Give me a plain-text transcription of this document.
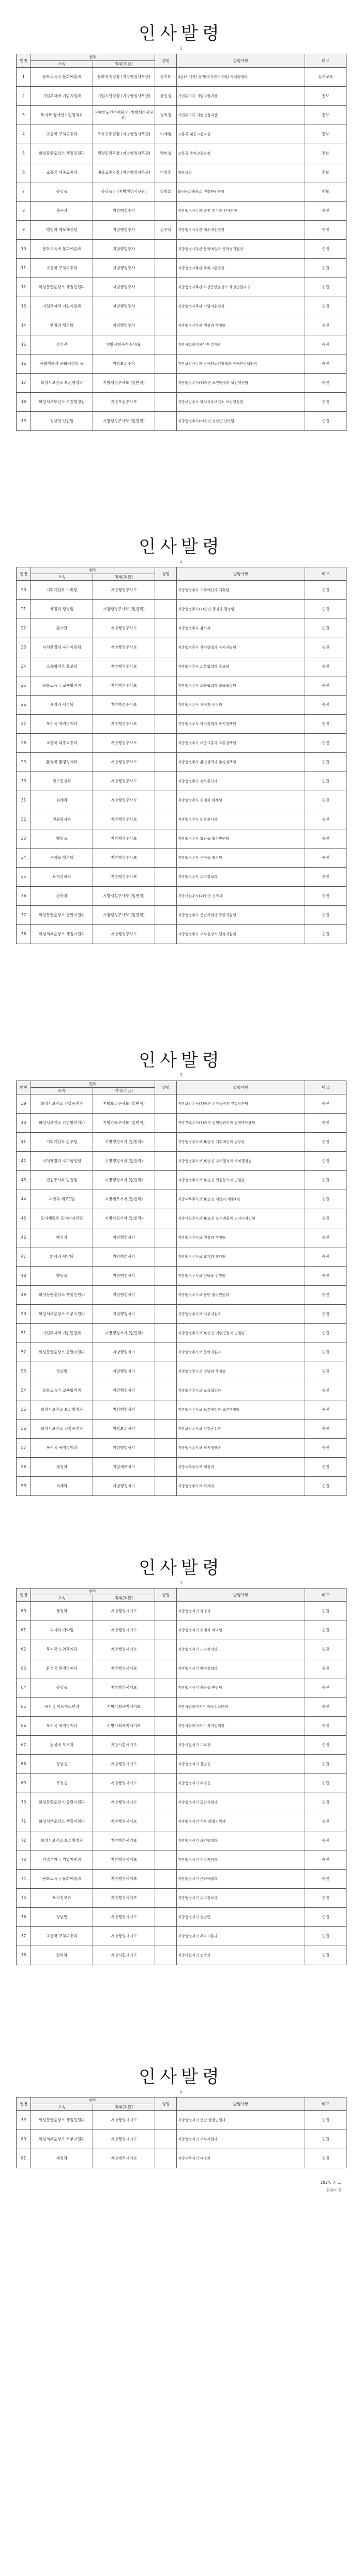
인사발령
1
연번	현직		성명	발령사항	비고
	소속	직위(직급)			
1	문화교육국 문화예술과	문화정책팀장 (지방행정사무관)	송기태	4급(서기관) 승진(조직관리직렬) 자치행정과	장기교육
2	기업투자국 기업지원과	기업지원팀장 (지방행정사무관)	유인섭	기업투자국 기업지원과장	전보
3	복지국 장애인노인정책과	장애인노인정책팀장 (지방행정사무관)	정희정	기업투자국 기업민원과장	전보
4	교통국 주차교통과	주차교통팀장 (지방행정사무관)	이재형	교통국 대중교통과장	전보
5	화성동탄출장소 행정민원과	행정민원과장 (지방행정사무관)	박미성	교통국 주차교통과장	전보
6	교통국 대중교통과	대중교통과장 (지방행정사무관)	이영훈	봉담읍장	전보
7	봉담읍	봉담읍장 (지방행정사무관)	임창호	화성동탄출장소 행정민원과장	전보
8	총무과	지방행정주사		지방행정사무관 승진 총무과 인사팀장	승진
9	행정과 제도개선팀	지방행정주사	김주리	지방행정사무관 제도개선팀장	승진
10	문화교육국 문화예술과	지방행정주사		지방행정사무관 문화예술과 문화정책팀장	승진
11	교통국 주차교통과	지방행정주사		지방행정사무관 주차교통팀장	승진
12	화성동탄출장소 행정민원과	지방행정주사		지방행정사무관 화성동탄출장소 행정민원과장	승진
13	기업투자국 기업지원과	지방행정주사		지방행정사무관 기업지원팀장	승진
14	행정과 행정팀	지방행정주사		지방행정사무관 행정과 행정팀	승진
15	감사관	지방사회복지주사(6)		지방사회복지사무관 감사관	승진
16	문화예술과 문화시설팀 등	지방보건주사		지방보건사무관 장애인노인정책과 장애인정책팀장	승진
17	화성시보건소 보건행정과	지방행정주사보 (일반직)		지방행정주사(7)승진 보건행정과 보건행정팀	승진
18	화성서부보건소 보건행정팀	지방보건주사보		지방보건주사 화성서부보건소 보건행정팀	승진
19	정남면 산업팀	지방행정주사보 (일반직)		지방행정주사(6)승진 정남면 산업팀	승진
인사발령
2
연번	현직		성명	발령사항	비고
	소속	직위(직급)			
20	기획예산과 기획팀	지방행정주사보		지방행정주사 기획예산과 기획팀	승진
21	행정과 행정팀	지방행정주사보 (일반직)		지방행정주사(7)승진 행정과 행정팀	승진
22	감사관	지방행정주사보		지방행정주사 감사관	승진
23	자치행정과 자치지원팀	지방행정주사보		지방행정주사 자치행정과 자치지원팀	승진
24	소통협력과 홍보팀	지방행정주사보		지방행정주사 소통협력과 홍보팀	승진
25	문화교육국 교육협력과	지방행정주사보		지방행정주사 교육협력과 교육협력팀	승진
26	세정과 세정팀	지방행정주사보		지방행정주사 세정과 세정팀	승진
27	복지국 복지정책과	지방행정주사보		지방행정주사 복지정책과 복지정책팀	승진
28	교통국 대중교통과	지방행정주사보		지방행정주사 대중교통과 교통정책팀	승진
29	환경국 환경정책과	지방행정주사보		지방행정주사 환경정책과 환경정책팀	승진
30	정보통신과	지방행정주사보		지방행정주사 정보통신과	승진
31	회계과	지방행정주사보		지방행정주사 회계과 회계팀	승진
32	민원봉사과	지방행정주사보		지방행정주사 민원봉사과	승진
33	향남읍	지방행정주사보		지방행정주사 향남읍 행정민원팀	승진
34	우정읍 행정팀	지방행정주사보		지방행정주사 우정읍 행정팀	승진
35	토지정보과	지방행정주사보		지방행정주사 토지정보과	승진
36	건축과	지방시설주사보 (일반직)		지방시설주사(7)승진 건축과	승진
37	화성동탄출장소 동탄지원과	지방행정주사보 (일반직)		지방행정주사 동탄지원과 동탄지원팀	승진
38	화성서부출장소 행정지원과	지방행정주사보		지방행정주사 서부출장소 행정지원팀	승진
인사발령
3
연번	현직		성명	발령사항	비고
	소속	직위(직급)			
39	화성시보건소 건강증진과	지방보건주사보 (일반직)		지방보건주사(7)승진 건강증진과 건강증진팀	승진
40	화성시보건소 감염병관리과	지방간호주사보 (일반직)		지방간호주사(7)승진 감염병관리과 감염병대응팀	승진
41	기획예산과 법무팀	지방행정서기 (일반직)		지방행정주사보(8)승진 기획예산과 법무팀	승진
42	자치행정과 자치행정팀	지방행정서기 (일반직)		지방행정주사보(8)승진 자치행정과 자치행정팀	승진
43	민원봉사과 민원팀	지방행정서기 (일반직)		지방행정주사보(8)승진 민원봉사과 민원팀	승진
44	세정과 세무1팀	지방세무서기 (일반직)		지방세무주사보(8)승진 세정과 세무1팀	승진
45	도시계획과 도시디자인팀	지방시설서기 (일반직)		지방시설주사보(8)승진 도시계획과 도시디자인팀	승진
46	행정과	지방행정서기		지방행정주사보 행정과 행정팀	승진
47	회계과 계약팀	지방행정서기		지방행정주사보 회계과 계약팀	승진
48	향남읍	지방행정서기		지방행정주사보 향남읍 민원팀	승진
49	화성동탄출장소 행정민원과	지방행정서기		지방행정주사보 동탄 행정민원과	승진
50	화성서부출장소 서부지원과	지방행정서기		지방행정주사보 서부지원과	승진
51	기업투자국 기업민원과	지방행정서기 (일반직)		지방행정주사보(8)승진 기업민원과 민원팀	승진
52	화성동탄출장소 동탄지원과	지방행정서기		지방행정주사보 동탄지원과	승진
53	정남면	지방행정서기		지방행정주사보 정남면 행정팀	승진
54	문화교육국 교육협력과	지방행정서기		지방행정주사보 교육협력과	승진
55	화성시보건소 보건행정과	지방행정서기		지방행정주사보 보건행정과 보건행정팀	승진
56	화성시보건소 건강증진과	지방보건서기		지방보건주사보 건강증진과	승진
57	복지국 복지정책과	지방행정서기		지방행정주사보 복지정책과	승진
58	세정과	지방세무서기		지방세무주사보 세정과	승진
59	회계과	지방행정서기		지방행정주사보 회계과	승진
인사발령
4
연번	현직		성명	발령사항	비고
	소속	직위(직급)			
60	행정과	지방행정서기보		지방행정서기 행정과	승진
61	회계과 계약팀	지방행정서기보		지방행정서기 회계과 계약팀	승진
62	복지국 노인복지과	지방행정서기보		지방행정서기 노인복지과	승진
63	환경국 환경정책과	지방행정서기보		지방행정서기 환경정책과	승진
64	봉담읍	지방행정서기보		지방행정서기 봉담읍 민원팀	승진
65	복지국 아동청소년과	지방사회복지서기보		지방사회복지서기 아동청소년과	승진
66	복지국 복지정책과	지방사회복지서기보		지방사회복지서기 복지정책과	승진
67	건설국 도로과	지방시설서기보		지방시설서기 도로과	승진
68	향남읍	지방행정서기보		지방행정서기 향남읍	승진
69	우정읍	지방행정서기보		지방행정서기 우정읍	승진
70	화성동탄출장소 동탄지원과	지방행정서기보		지방행정서기 동탄지원과	승진
71	화성서부출장소 행정지원과	지방행정서기보		지방행정서기 서부 행정지원과	승진
72	화성시보건소 보건행정과	지방행정서기보		지방행정서기 보건행정과	승진
73	기업투자국 기업지원과	지방행정서기보		지방행정서기 기업지원과	승진
74	문화교육국 문화예술과	지방행정서기보		지방행정서기 문화예술과	승진
75	토지정보과	지방행정서기보		지방행정서기 토지정보과	승진
76	정남면	지방행정서기보		지방행정서기 정남면	승진
77	교통국 주차교통과	지방행정서기보		지방행정서기 주차교통과	승진
78	건축과	지방시설서기보		지방시설서기 건축과	승진
인사발령
5
연번	현직		성명	발령사항	비고
	소속	직위(직급)			
79	화성동탄출장소 행정민원과	지방행정서기보		지방행정서기 동탄 행정민원과	승진
80	화성서부출장소 서부지원과	지방행정서기보		지방행정서기 서부지원과	승진
81	세정과	지방세무서기보		지방세무서기 세정과	승진
2024. 7. 1.
화성시장
